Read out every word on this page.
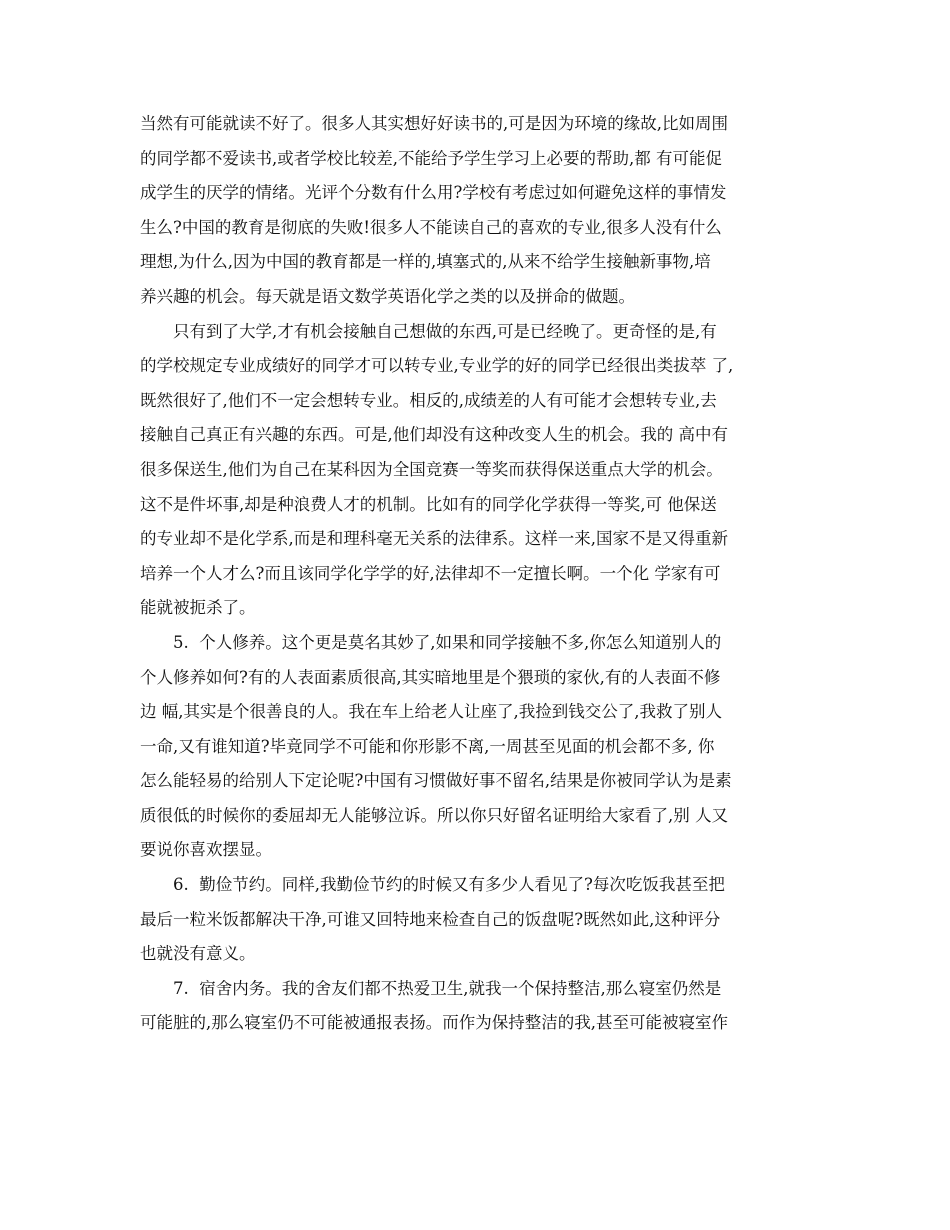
当然有可能就读不好了。很多人其实想好好读书的,可是因为环境的缘故,比如周围
的同学都不爱读书,或者学校比较差,不能给予学生学习上必要的帮助,都 有可能促
成学生的厌学的情绪。光评个分数有什么用?学校有考虑过如何避免这样的事情发
生么?中国的教育是彻底的失败!很多人不能读自己的喜欢的专业,很多人没有什么
理想,为什么,因为中国的教育都是一样的,填塞式的,从来不给学生接触新事物,培
养兴趣的机会。每天就是语文数学英语化学之类的以及拼命的做题。
只有到了大学,才有机会接触自己想做的东西,可是已经晚了。更奇怪的是,有
的学校规定专业成绩好的同学才可以转专业,专业学的好的同学已经很出类拔萃 了,
既然很好了,他们不一定会想转专业。相反的,成绩差的人有可能才会想转专业,去
接触自己真正有兴趣的东西。可是,他们却没有这种改变人生的机会。我的 高中有
很多保送生,他们为自己在某科因为全国竞赛一等奖而获得保送重点大学的机会。
这不是件坏事,却是种浪费人才的机制。比如有的同学化学获得一等奖,可 他保送
的专业却不是化学系,而是和理科毫无关系的法律系。这样一来,国家不是又得重新
培养一个人才么?而且该同学化学学的好,法律却不一定擅长啊。一个化 学家有可
能就被扼杀了。
5.  个人修养。这个更是莫名其妙了,如果和同学接触不多,你怎么知道别人的
个人修养如何?有的人表面素质很高,其实暗地里是个猥琐的家伙,有的人表面不修
边 幅,其实是个很善良的人。我在车上给老人让座了,我捡到钱交公了,我救了别人
一命,又有谁知道?毕竟同学不可能和你形影不离,一周甚至见面的机会都不多, 你
怎么能轻易的给别人下定论呢?中国有习惯做好事不留名,结果是你被同学认为是素
质很低的时候你的委屈却无人能够泣诉。所以你只好留名证明给大家看了,别 人又
要说你喜欢摆显。
6.  勤俭节约。同样,我勤俭节约的时候又有多少人看见了?每次吃饭我甚至把
最后一粒米饭都解决干净,可谁又回特地来检查自己的饭盘呢?既然如此,这种评分
也就没有意义。
7.  宿舍内务。我的舍友们都不热爱卫生,就我一个保持整洁,那么寝室仍然是
可能脏的,那么寝室仍不可能被通报表扬。而作为保持整洁的我,甚至可能被寝室作
